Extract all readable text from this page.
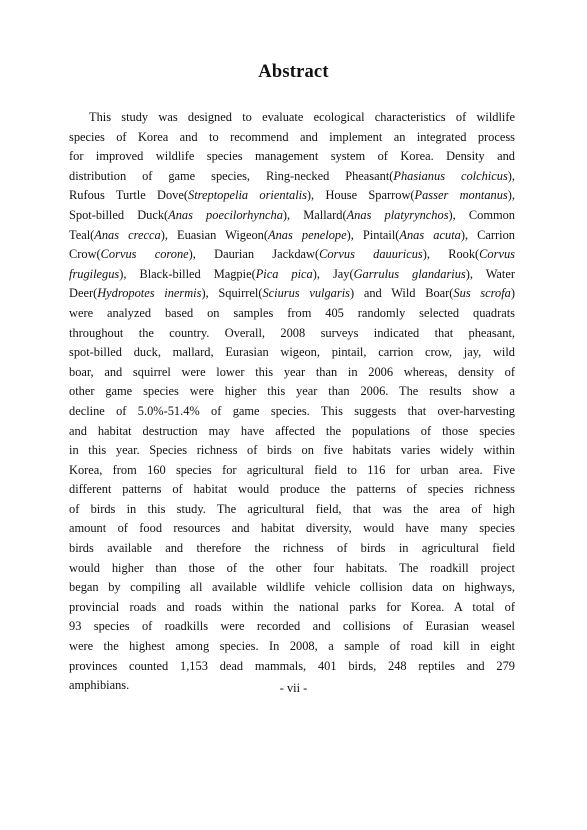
Abstract
This study was designed to evaluate ecological characteristics of wildlife
species of Korea and to recommend and implement an integrated process
for improved wildlife species management system of Korea. Density and
distribution of game species, Ring-necked Pheasant(Phasianus colchicus),
Rufous Turtle Dove(Streptopelia orientalis), House Sparrow(Passer montanus),
Spot-billed Duck(Anas poecilorhyncha), Mallard(Anas platyrynchos), Common
Teal(Anas crecca), Euasian Wigeon(Anas penelope), Pintail(Anas acuta), Carrion
Crow(Corvus corone), Daurian Jackdaw(Corvus dauuricus), Rook(Corvus
frugilegus), Black-billed Magpie(Pica pica), Jay(Garrulus glandarius), Water
Deer(Hydropotes inermis), Squirrel(Sciurus vulgaris) and Wild Boar(Sus scrofa)
were analyzed based on samples from 405 randomly selected quadrats
throughout the country. Overall, 2008 surveys indicated that pheasant,
spot-billed duck, mallard, Eurasian wigeon, pintail, carrion crow, jay, wild
boar, and squirrel were lower this year than in 2006 whereas, density of
other game species were higher this year than 2006. The results show a
decline of 5.0%-51.4% of game species. This suggests that over-harvesting
and habitat destruction may have affected the populations of those species
in this year. Species richness of birds on five habitats varies widely within
Korea, from 160 species for agricultural field to 116 for urban area. Five
different patterns of habitat would produce the patterns of species richness
of birds in this study. The agricultural field, that was the area of high
amount of food resources and habitat diversity, would have many species
birds available and therefore the richness of birds in agricultural field
would higher than those of the other four habitats. The roadkill project
began by compiling all available wildlife vehicle collision data on highways,
provincial roads and roads within the national parks for Korea. A total of
93 species of roadkills were recorded and collisions of Eurasian weasel
were the highest among species. In 2008, a sample of road kill in eight
provinces counted 1,153 dead mammals, 401 birds, 248 reptiles and 279
amphibians.	- vii -
